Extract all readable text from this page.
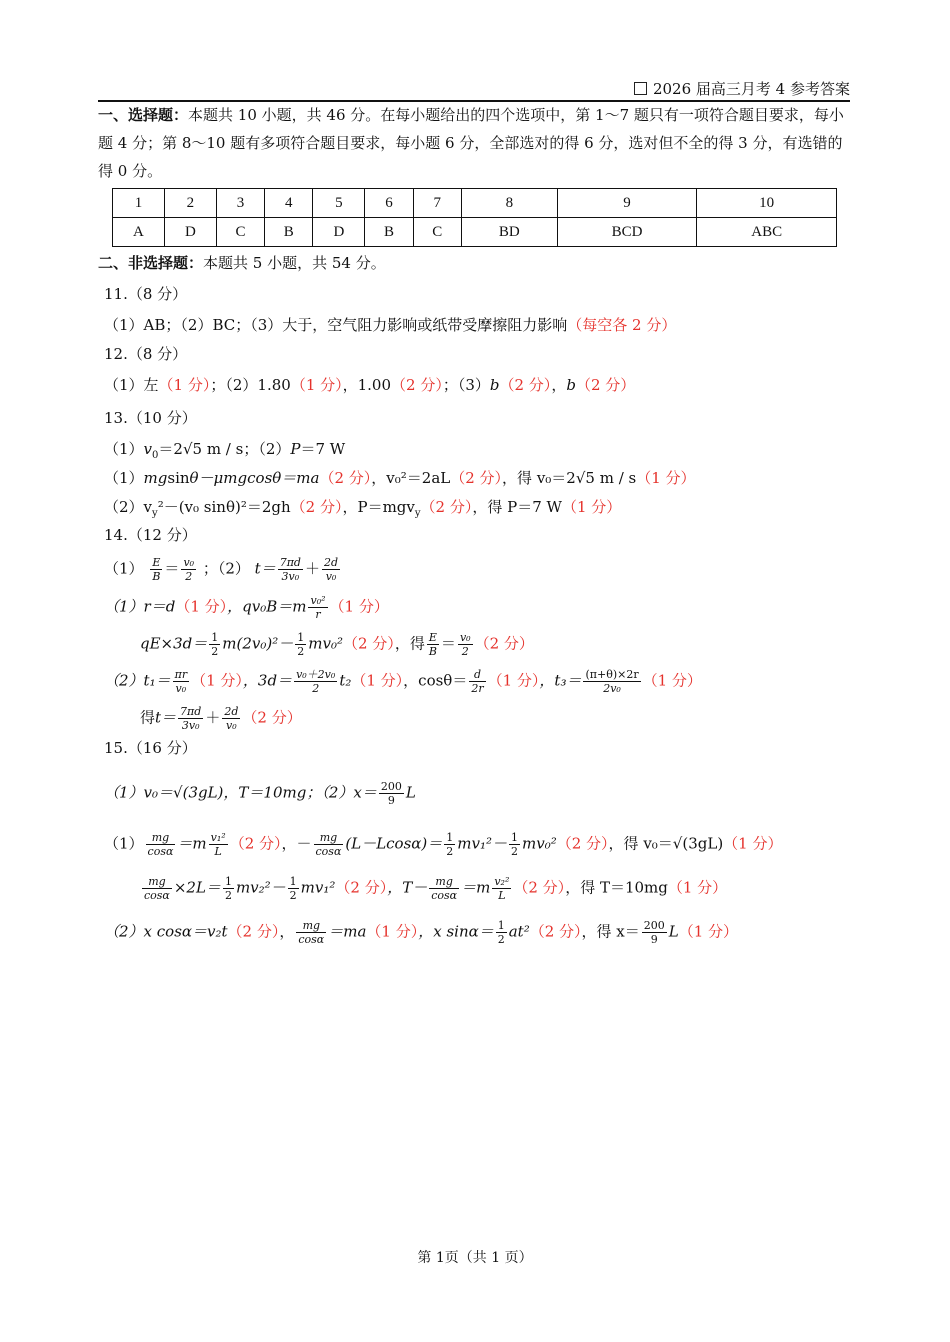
2026 届高三月考 4 参考答案
一、选择题：本题共 10 小题，共 46 分。在每小题给出的四个选项中，第 1～7 题只有一项符合题目要求，每小题 4 分；第 8～10 题有多项符合题目要求，每小题 6 分，全部选对的得 6 分，选对但不全的得 3 分，有选错的得 0 分。
1	2	3	4	5	6	7	8	9	10
A	D	C	B	D	B	C	BD	BCD	ABC
二、非选择题：本题共 5 小题，共 54 分。
11.（8 分）
（1）AB；（2）BC；（3）大于，空气阻力影响或纸带受摩擦阻力影响（每空各 2 分）
12.（8 分）
（1）左（1 分）；（2）1.80（1 分），1.00（2 分）；（3）b（2 分），b（2 分）
13.（10 分）
$(1)v_0=2√5$ m / s；（2）P＝7 W
（1）mgsinθ－μmgcosθ＝ma（2 分），v₀²＝2aL（2 分），得 v₀＝2√5 m / s（1 分）
$(2)v_y^2-(v_0$ sinθ)²＝2gh（2 分），P＝mgv$_y$（2 分），得 P＝7 W（1 分）
14.（12 分）
$(1) \frac{E}{B} = \frac{\text{v₀}}{2}$ ；（2） $t= \frac{7\pi d}{\text{3v₀}} + \frac{2d}{\text{v₀}}$
（1）r＝d（1 分），$qv_0B=m \frac{\text{v₀²}}{r} (1$ 分）
$qE\times 3d= \frac{1}{2} m(2v_0)^2- \frac{1}{2} mv_0^2(2$ 分），得 $\frac{E}{B} = \frac{\text{v₀}}{2} (2$ 分）
$(2)t_1= \frac{\pi r}{\text{v₀}} (1$ 分），$3d= \frac{\text{v₀＋2v₀}}{2} t_2(1$ 分），$\cos\theta= \frac{d}{2r} (1$ 分），$t_3= \frac{(\pi+\theta)\times 2r}{\text{2v₀}} (1$ 分）
得$t= \frac{7\pi d}{\text{3v₀}} + \frac{2d}{\text{v₀}} (2$ 分）
15.（16 分）
（1）v₀＝√(3gL)，T＝10mg；$(2)x= \frac{200}{9}$ L
$(1) \frac{mg}{\cos\alpha} =m \frac{\text{v₁²}}{L} (2$ 分），－ $\frac{mg}{\cos\alpha} (L-Lcos\alpha)= \frac{1}{2} mv_1^2- \frac{1}{2} mv_0^2(2$ 分），得 v₀＝√(3gL)（1 分）
$\frac{mg}{\cos\alpha} \times 2L= \frac{1}{2} mv_2^2- \frac{1}{2} mv_1^2(2$ 分），$T- \frac{mg}{\cos\alpha} =m \frac{\text{v₂²}}{L} (2$ 分），得 T＝10mg（1 分）
（2）x cosα＝v₂t（2 分）， $\frac{mg}{\cos\alpha} =ma(1$ 分），x $\sin\alpha= \frac{1}{2} at^2(2$ 分），得 $x= \frac{200}{9} L(1$ 分）
第 1页（共 1 页）
